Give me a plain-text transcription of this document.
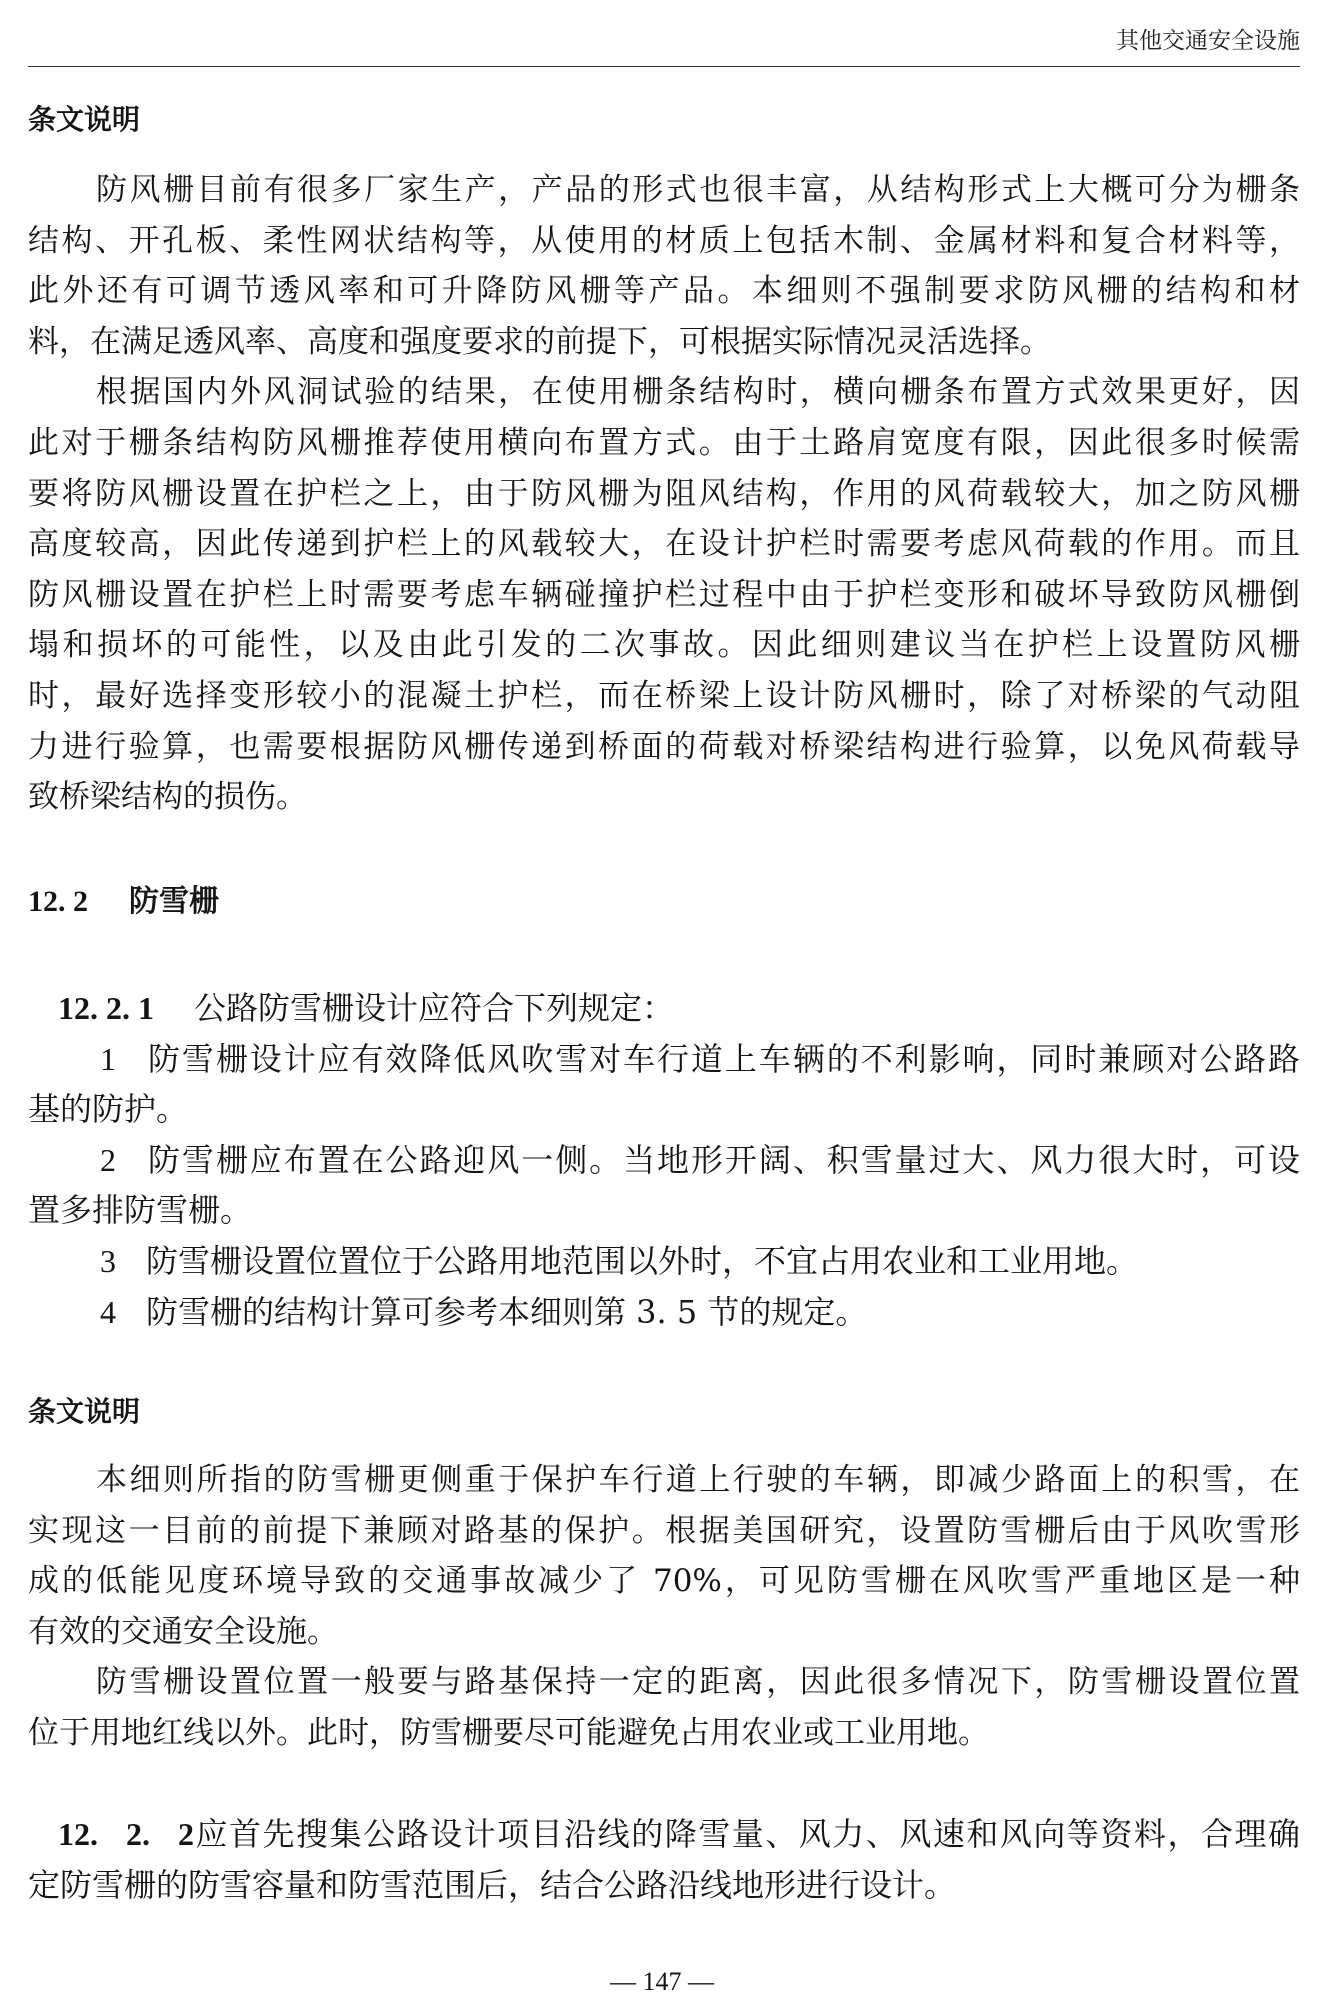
其他交通安全设施
条文说明
防风栅目前有很多厂家生产，产品的形式也很丰富，从结构形式上大概可分为栅条
结构、开孔板、柔性网状结构等，从使用的材质上包括木制、金属材料和复合材料等，
此外还有可调节透风率和可升降防风栅等产品。本细则不强制要求防风栅的结构和材
料，在满足透风率、高度和强度要求的前提下，可根据实际情况灵活选择。
根据国内外风洞试验的结果，在使用栅条结构时，横向栅条布置方式效果更好，因
此对于栅条结构防风栅推荐使用横向布置方式。由于土路肩宽度有限，因此很多时候需
要将防风栅设置在护栏之上，由于防风栅为阻风结构，作用的风荷载较大，加之防风栅
高度较高，因此传递到护栏上的风载较大，在设计护栏时需要考虑风荷载的作用。而且
防风栅设置在护栏上时需要考虑车辆碰撞护栏过程中由于护栏变形和破坏导致防风栅倒
塌和损坏的可能性，以及由此引发的二次事故。因此细则建议当在护栏上设置防风栅
时，最好选择变形较小的混凝土护栏，而在桥梁上设计防风栅时，除了对桥梁的气动阻
力进行验算，也需要根据防风栅传递到桥面的荷载对桥梁结构进行验算，以免风荷载导
致桥梁结构的损伤。
12. 2 防雪栅
12. 2. 1 公路防雪栅设计应符合下列规定：
1 防雪栅设计应有效降低风吹雪对车行道上车辆的不利影响，同时兼顾对公路路
基的防护。
2 防雪栅应布置在公路迎风一侧。当地形开阔、积雪量过大、风力很大时，可设
置多排防雪栅。
3 防雪栅设置位置位于公路用地范围以外时，不宜占用农业和工业用地。
4 防雪栅的结构计算可参考本细则第 3. 5 节的规定。
条文说明
本细则所指的防雪栅更侧重于保护车行道上行驶的车辆，即减少路面上的积雪，在
实现这一目前的前提下兼顾对路基的保护。根据美国研究，设置防雪栅后由于风吹雪形
成的低能见度环境导致的交通事故减少了 70%，可见防雪栅在风吹雪严重地区是一种
有效的交通安全设施。
防雪栅设置位置一般要与路基保持一定的距离，因此很多情况下，防雪栅设置位置
位于用地红线以外。此时，防雪栅要尽可能避免占用农业或工业用地。
12. 2. 2应首先搜集公路设计项目沿线的降雪量、风力、风速和风向等资料，合理确
定防雪栅的防雪容量和防雪范围后，结合公路沿线地形进行设计。
— 147 —
